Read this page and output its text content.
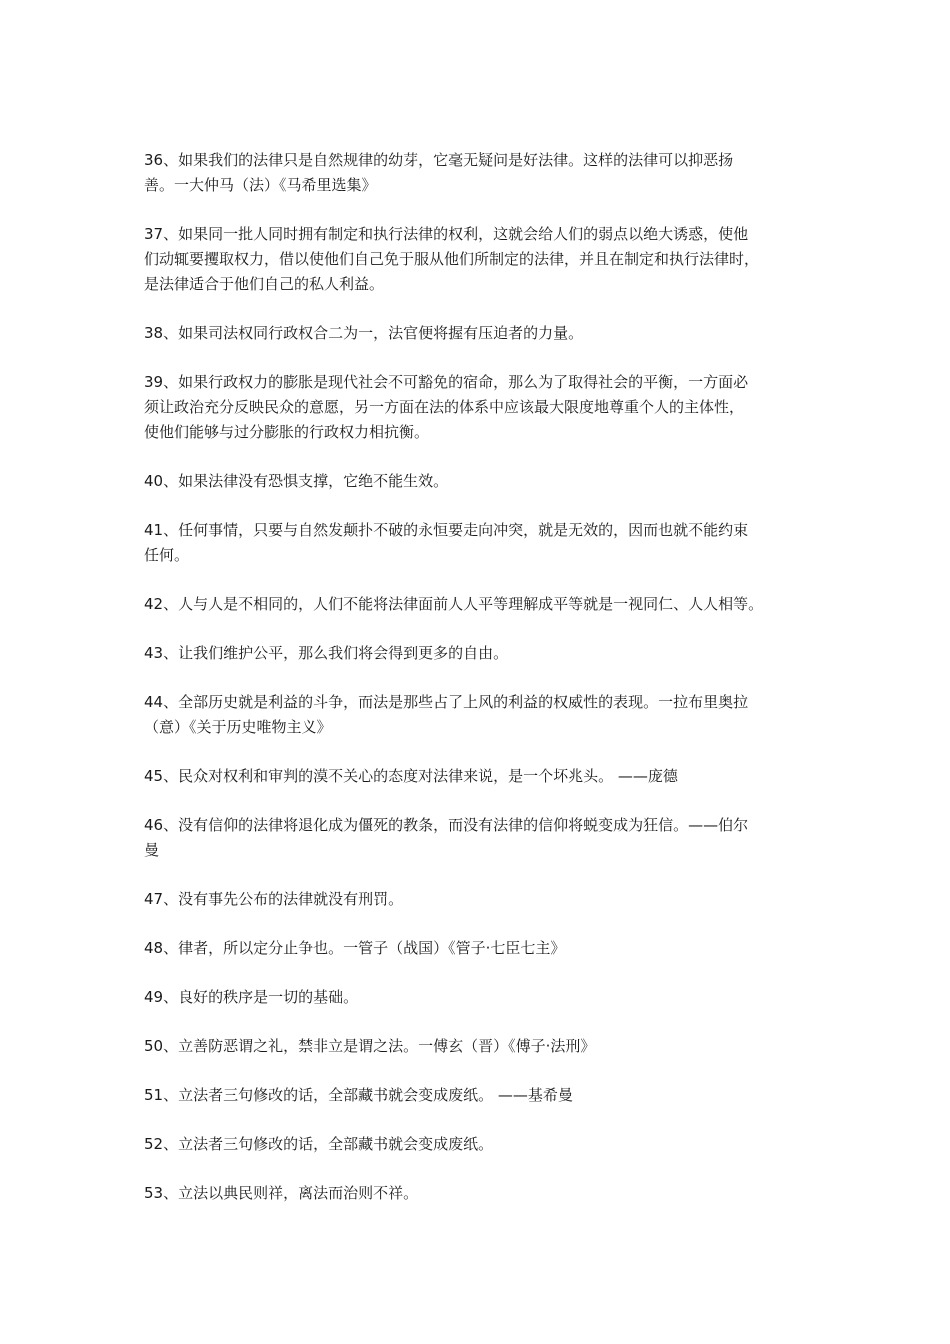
36、如果我们的法律只是自然规律的幼芽，它毫无疑问是好法律。这样的法律可以抑恶扬
善。一大仲马（法）《马希里选集》

37、如果同一批人同时拥有制定和执行法律的权利，这就会给人们的弱点以绝大诱惑，使他
们动辄要攫取权力，借以使他们自己免于服从他们所制定的法律，并且在制定和执行法律时，
是法律适合于他们自己的私人利益。

38、如果司法权同行政权合二为一，法官便将握有压迫者的力量。

39、如果行政权力的膨胀是现代社会不可豁免的宿命，那么为了取得社会的平衡，一方面必
须让政治充分反映民众的意愿，另一方面在法的体系中应该最大限度地尊重个人的主体性，
使他们能够与过分膨胀的行政权力相抗衡。

40、如果法律没有恐惧支撑，它绝不能生效。

41、任何事情，只要与自然发颠扑不破的永恒要走向冲突，就是无效的，因而也就不能约束
任何。

42、人与人是不相同的，人们不能将法律面前人人平等理解成平等就是一视同仁、人人相等。

43、让我们维护公平，那么我们将会得到更多的自由。

44、全部历史就是利益的斗争，而法是那些占了上风的利益的权威性的表现。一拉布里奥拉
（意）《关于历史唯物主义》

45、民众对权利和审判的漠不关心的态度对法律来说，是一个坏兆头。 ——庞德

46、没有信仰的法律将退化成为僵死的教条，而没有法律的信仰将蜕变成为狂信。——伯尔
曼

47、没有事先公布的法律就没有刑罚。

48、律者，所以定分止争也。一管子（战国）《管子·七臣七主》

49、良好的秩序是一切的基础。

50、立善防恶谓之礼，禁非立是谓之法。一傅玄（晋）《傅子·法刑》

51、立法者三句修改的话，全部藏书就会变成废纸。 ——基希曼

52、立法者三句修改的话，全部藏书就会变成废纸。

53、立法以典民则祥，离法而治则不祥。
